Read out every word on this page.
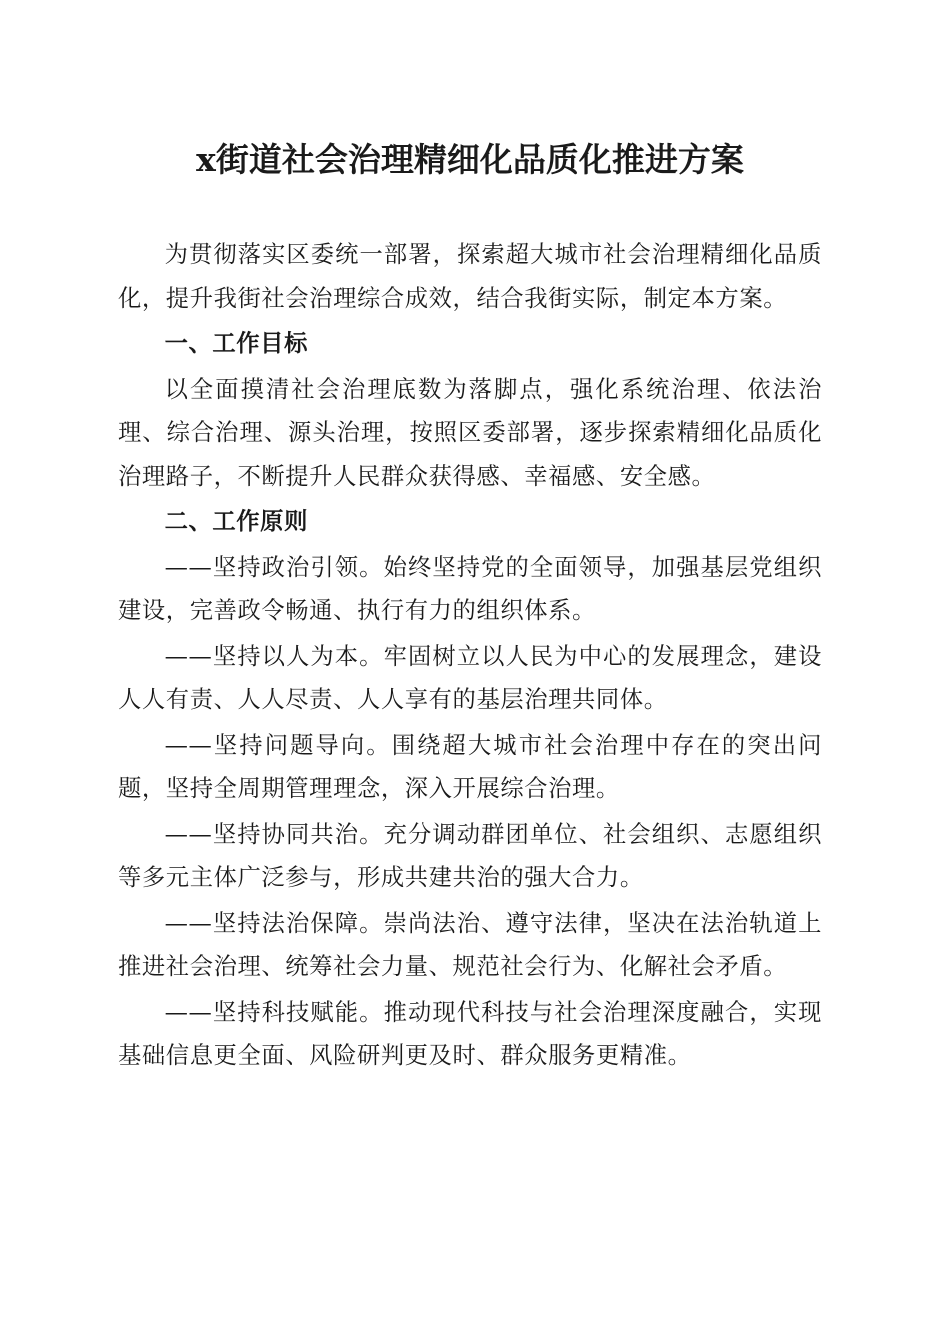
x街道社会治理精细化品质化推进方案

为贯彻落实区委统一部署，探索超大城市社会治理精细化品质化，提升我街社会治理综合成效，结合我街实际，制定本方案。

一、工作目标

以全面摸清社会治理底数为落脚点，强化系统治理、依法治理、综合治理、源头治理，按照区委部署，逐步探索精细化品质化治理路子，不断提升人民群众获得感、幸福感、安全感。

二、工作原则

——坚持政治引领。始终坚持党的全面领导，加强基层党组织建设，完善政令畅通、执行有力的组织体系。

——坚持以人为本。牢固树立以人民为中心的发展理念，建设人人有责、人人尽责、人人享有的基层治理共同体。

——坚持问题导向。围绕超大城市社会治理中存在的突出问题，坚持全周期管理理念，深入开展综合治理。

——坚持协同共治。充分调动群团单位、社会组织、志愿组织等多元主体广泛参与，形成共建共治的强大合力。

——坚持法治保障。崇尚法治、遵守法律，坚决在法治轨道上推进社会治理、统筹社会力量、规范社会行为、化解社会矛盾。

——坚持科技赋能。推动现代科技与社会治理深度融合，实现基础信息更全面、风险研判更及时、群众服务更精准。
